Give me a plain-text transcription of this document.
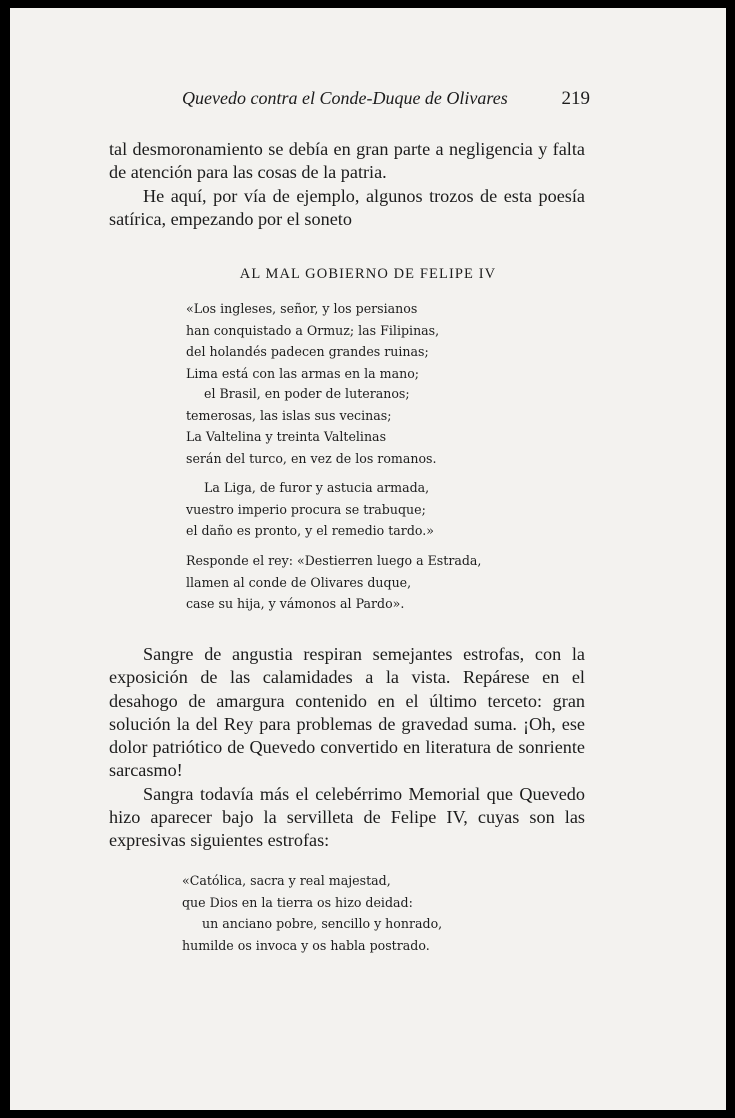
Quevedo contra el Conde-Duque de Olivares	219

tal desmoronamiento se debía en gran parte a negligencia y falta de atención para las cosas de la patria.

He aquí, por vía de ejemplo, algunos trozos de esta poesía satírica, empezando por el soneto

AL MAL GOBIERNO DE FELIPE IV
«Los ingleses, señor, y los persianos
han conquistado a Ormuz; las Filipinas,
del holandés padecen grandes ruinas;
Lima está con las armas en la mano;
el Brasil, en poder de luteranos;
temerosas, las islas sus vecinas;
La Valtelina y treinta Valtelinas
serán del turco, en vez de los romanos.
La Liga, de furor y astucia armada,
vuestro imperio procura se trabuque;
el daño es pronto, y el remedio tardo.»
Responde el rey: «Destierren luego a Estrada,
llamen al conde de Olivares duque,
case su hija, y vámonos al Pardo».

Sangre de angustia respiran semejantes estrofas, con la exposición de las calamidades a la vista. Repárese en el desahogo de amargura contenido en el último terceto: gran solución la del Rey para problemas de gravedad suma. ¡Oh, ese dolor patriótico de Quevedo convertido en literatura de sonriente sarcasmo!

Sangra todavía más el celebérrimo Memorial que Quevedo hizo aparecer bajo la servilleta de Felipe IV, cuyas son las expresivas siguientes estrofas:

«Católica, sacra y real majestad,
que Dios en la tierra os hizo deidad:
un anciano pobre, sencillo y honrado,
humilde os invoca y os habla postrado.
